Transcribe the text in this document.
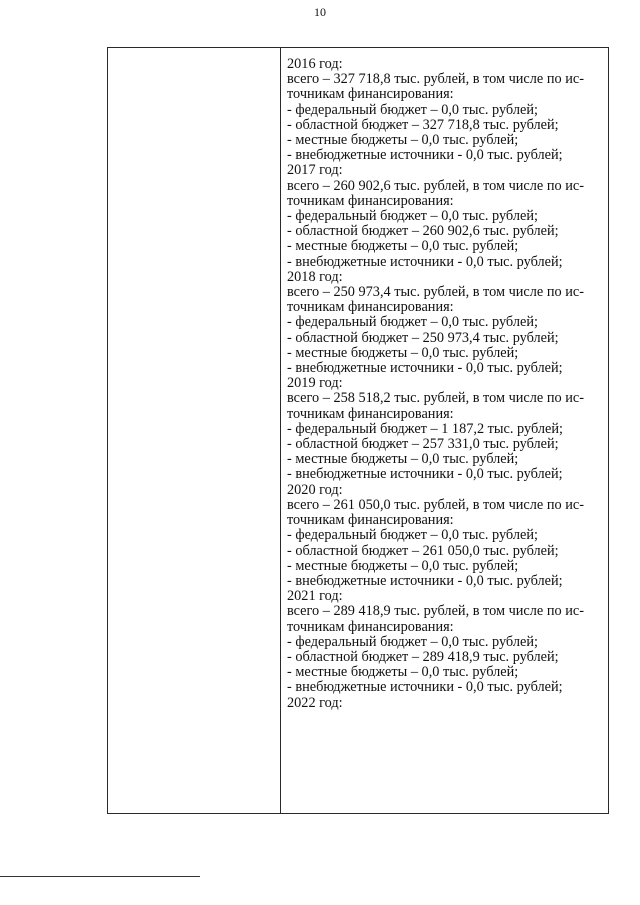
10
2016 год:
всего – 327 718,8 тыс. рублей, в том числе по ис-
точникам финансирования:
- федеральный бюджет – 0,0 тыс. рублей;
- областной бюджет – 327 718,8 тыс. рублей;
- местные бюджеты – 0,0 тыс. рублей;
- внебюджетные источники - 0,0 тыс. рублей;
2017 год:
всего – 260 902,6 тыс. рублей, в том числе по ис-
точникам финансирования:
- федеральный бюджет – 0,0 тыс. рублей;
- областной бюджет – 260 902,6 тыс. рублей;
- местные бюджеты – 0,0 тыс. рублей;
- внебюджетные источники - 0,0 тыс. рублей;
2018 год:
всего – 250 973,4 тыс. рублей, в том числе по ис-
точникам финансирования:
- федеральный бюджет – 0,0 тыс. рублей;
- областной бюджет – 250 973,4 тыс. рублей;
- местные бюджеты – 0,0 тыс. рублей;
- внебюджетные источники - 0,0 тыс. рублей;
2019 год:
всего – 258 518,2 тыс. рублей, в том числе по ис-
точникам финансирования:
- федеральный бюджет – 1 187,2 тыс. рублей;
- областной бюджет – 257 331,0 тыс. рублей;
- местные бюджеты – 0,0 тыс. рублей;
- внебюджетные источники - 0,0 тыс. рублей;
2020 год:
всего – 261 050,0 тыс. рублей, в том числе по ис-
точникам финансирования:
- федеральный бюджет – 0,0 тыс. рублей;
- областной бюджет – 261 050,0 тыс. рублей;
- местные бюджеты – 0,0 тыс. рублей;
- внебюджетные источники - 0,0 тыс. рублей;
2021 год:
всего – 289 418,9 тыс. рублей, в том числе по ис-
точникам финансирования:
- федеральный бюджет – 0,0 тыс. рублей;
- областной бюджет – 289 418,9 тыс. рублей;
- местные бюджеты – 0,0 тыс. рублей;
- внебюджетные источники - 0,0 тыс. рублей;
2022 год:
